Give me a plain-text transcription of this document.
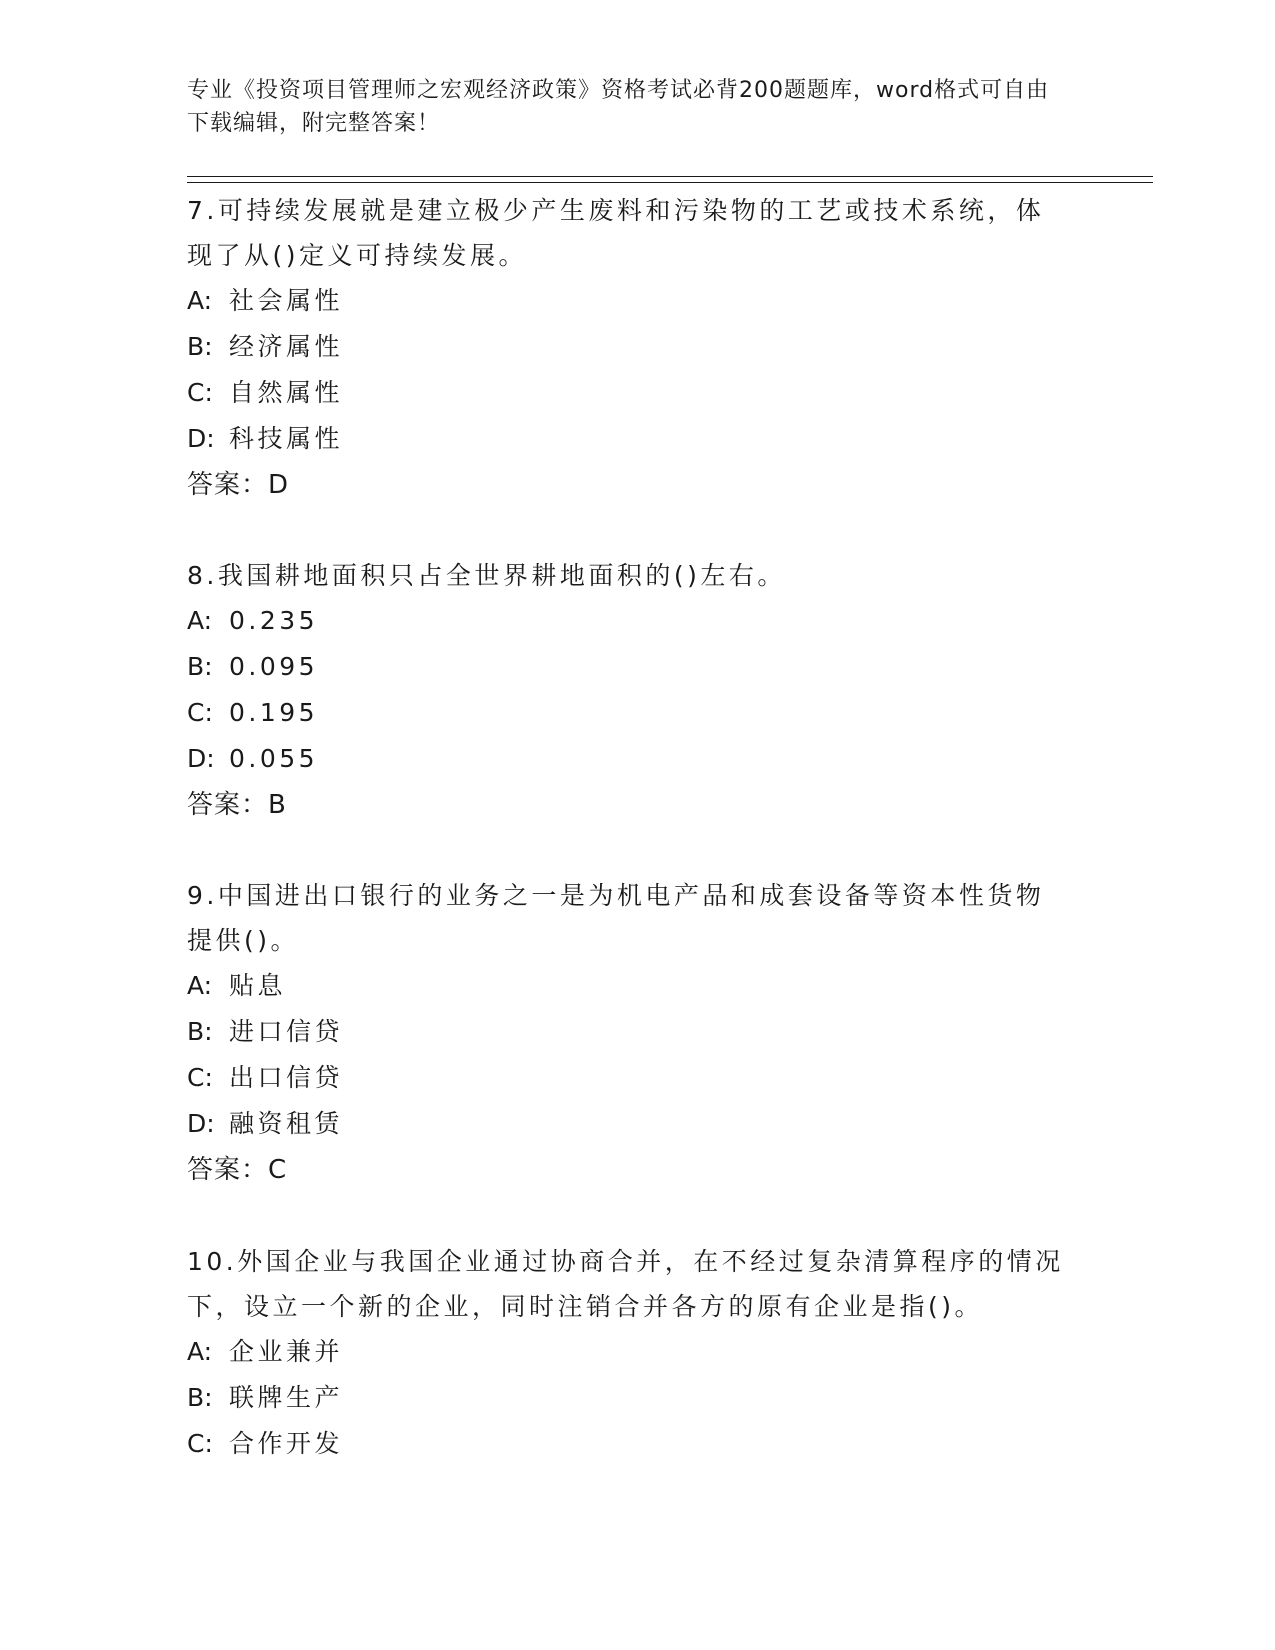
专业《投资项目管理师之宏观经济政策》资格考试必背200题题库，word格式可自由下载编辑，附完整答案！
7.可持续发展就是建立极少产生废料和污染物的工艺或技术系统，体现了从()定义可持续发展。
A: 社会属性
B: 经济属性
C: 自然属性
D: 科技属性
答案：D
8.我国耕地面积只占全世界耕地面积的()左右。
A: 0.235
B: 0.095
C: 0.195
D: 0.055
答案：B
9.中国进出口银行的业务之一是为机电产品和成套设备等资本性货物提供()。
A: 贴息
B: 进口信贷
C: 出口信贷
D: 融资租赁
答案：C
10.外国企业与我国企业通过协商合并，在不经过复杂清算程序的情况下，设立一个新的企业，同时注销合并各方的原有企业是指()。
A: 企业兼并
B: 联牌生产
C: 合作开发
